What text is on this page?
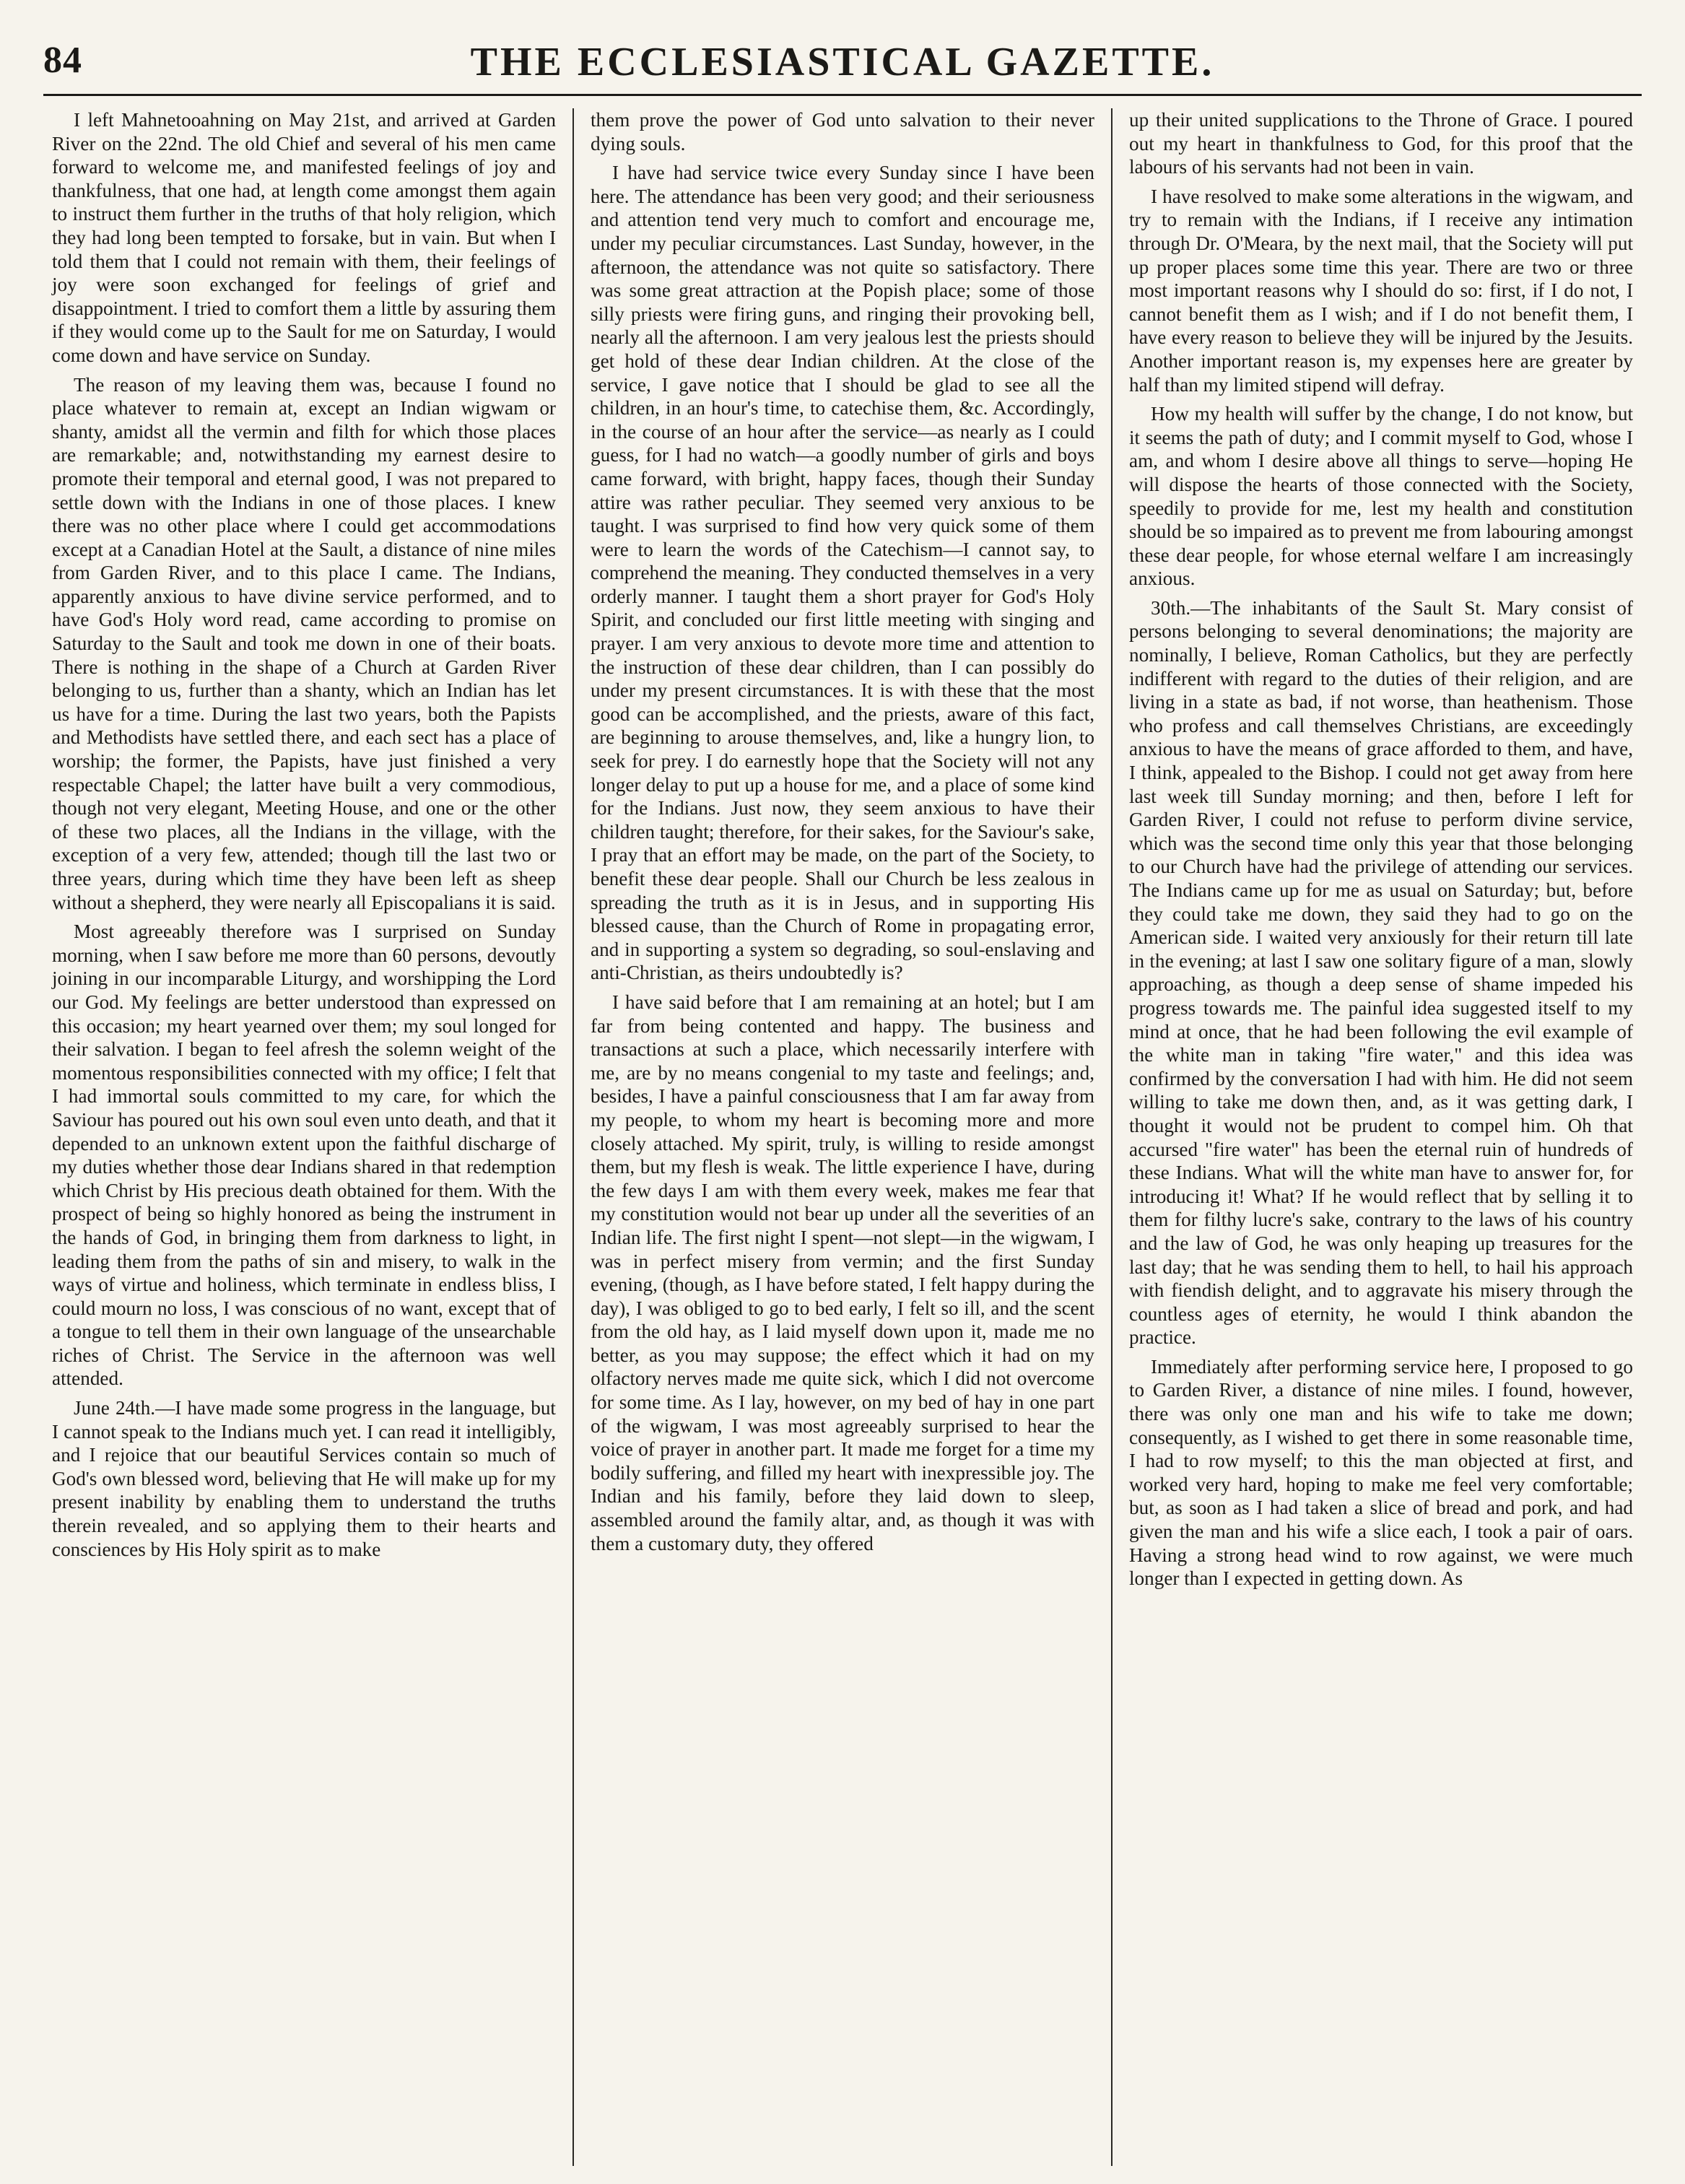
84	THE ECCLESIASTICAL GAZETTE.

I left Mahnetooahning on May 21st, and arrived at Garden River on the 22nd. The old Chief and several of his men came forward to welcome me, and manifested feelings of joy and thankfulness, that one had, at length come amongst them again to instruct them further in the truths of that holy religion, which they had long been tempted to forsake, but in vain. But when I told them that I could not remain with them, their feelings of joy were soon exchanged for feelings of grief and disappointment. I tried to comfort them a little by assuring them if they would come up to the Sault for me on Saturday, I would come down and have service on Sunday.

The reason of my leaving them was, because I found no place whatever to remain at, except an Indian wigwam or shanty, amidst all the vermin and filth for which those places are remarkable; and, notwithstanding my earnest desire to promote their temporal and eternal good, I was not prepared to settle down with the Indians in one of those places. I knew there was no other place where I could get accommodations except at a Canadian Hotel at the Sault, a distance of nine miles from Garden River, and to this place I came. The Indians, apparently anxious to have divine service performed, and to have God's Holy word read, came according to promise on Saturday to the Sault and took me down in one of their boats. There is nothing in the shape of a Church at Garden River belonging to us, further than a shanty, which an Indian has let us have for a time. During the last two years, both the Papists and Methodists have settled there, and each sect has a place of worship; the former, the Papists, have just finished a very respectable Chapel; the latter have built a very commodious, though not very elegant, Meeting House, and one or the other of these two places, all the Indians in the village, with the exception of a very few, attended; though till the last two or three years, during which time they have been left as sheep without a shepherd, they were nearly all Episcopalians it is said.

Most agreeably therefore was I surprised on Sunday morning, when I saw before me more than 60 persons, devoutly joining in our incomparable Liturgy, and worshipping the Lord our God. My feelings are better understood than expressed on this occasion; my heart yearned over them; my soul longed for their salvation. I began to feel afresh the solemn weight of the momentous responsibilities connected with my office; I felt that I had immortal souls committed to my care, for which the Saviour has poured out his own soul even unto death, and that it depended to an unknown extent upon the faithful discharge of my duties whether those dear Indians shared in that redemption which Christ by His precious death obtained for them. With the prospect of being so highly honored as being the instrument in the hands of God, in bringing them from darkness to light, in leading them from the paths of sin and misery, to walk in the ways of virtue and holiness, which terminate in endless bliss, I could mourn no loss, I was conscious of no want, except that of a tongue to tell them in their own language of the unsearchable riches of Christ. The Service in the afternoon was well attended.

June 24th.—I have made some progress in the language, but I cannot speak to the Indians much yet. I can read it intelligibly, and I rejoice that our beautiful Services contain so much of God's own blessed word, believing that He will make up for my present inability by enabling them to understand the truths therein revealed, and so applying them to their hearts and consciences by His Holy spirit as to make

them prove the power of God unto salvation to their never dying souls.

I have had service twice every Sunday since I have been here. The attendance has been very good; and their seriousness and attention tend very much to comfort and encourage me, under my peculiar circumstances. Last Sunday, however, in the afternoon, the attendance was not quite so satisfactory. There was some great attraction at the Popish place; some of those silly priests were firing guns, and ringing their provoking bell, nearly all the afternoon. I am very jealous lest the priests should get hold of these dear Indian children. At the close of the service, I gave notice that I should be glad to see all the children, in an hour's time, to catechise them, &c. Accordingly, in the course of an hour after the service—as nearly as I could guess, for I had no watch—a goodly number of girls and boys came forward, with bright, happy faces, though their Sunday attire was rather peculiar. They seemed very anxious to be taught. I was surprised to find how very quick some of them were to learn the words of the Catechism—I cannot say, to comprehend the meaning. They conducted themselves in a very orderly manner. I taught them a short prayer for God's Holy Spirit, and concluded our first little meeting with singing and prayer. I am very anxious to devote more time and attention to the instruction of these dear children, than I can possibly do under my present circumstances. It is with these that the most good can be accomplished, and the priests, aware of this fact, are beginning to arouse themselves, and, like a hungry lion, to seek for prey. I do earnestly hope that the Society will not any longer delay to put up a house for me, and a place of some kind for the Indians. Just now, they seem anxious to have their children taught; therefore, for their sakes, for the Saviour's sake, I pray that an effort may be made, on the part of the Society, to benefit these dear people. Shall our Church be less zealous in spreading the truth as it is in Jesus, and in supporting His blessed cause, than the Church of Rome in propagating error, and in supporting a system so degrading, so soul-enslaving and anti-Christian, as theirs undoubtedly is?

I have said before that I am remaining at an hotel; but I am far from being contented and happy. The business and transactions at such a place, which necessarily interfere with me, are by no means congenial to my taste and feelings; and, besides, I have a painful consciousness that I am far away from my people, to whom my heart is becoming more and more closely attached. My spirit, truly, is willing to reside amongst them, but my flesh is weak. The little experience I have, during the few days I am with them every week, makes me fear that my constitution would not bear up under all the severities of an Indian life. The first night I spent—not slept—in the wigwam, I was in perfect misery from vermin; and the first Sunday evening, (though, as I have before stated, I felt happy during the day), I was obliged to go to bed early, I felt so ill, and the scent from the old hay, as I laid myself down upon it, made me no better, as you may suppose; the effect which it had on my olfactory nerves made me quite sick, which I did not overcome for some time. As I lay, however, on my bed of hay in one part of the wigwam, I was most agreeably surprised to hear the voice of prayer in another part. It made me forget for a time my bodily suffering, and filled my heart with inexpressible joy. The Indian and his family, before they laid down to sleep, assembled around the family altar, and, as though it was with them a customary duty, they offered

up their united supplications to the Throne of Grace. I poured out my heart in thankfulness to God, for this proof that the labours of his servants had not been in vain.

I have resolved to make some alterations in the wigwam, and try to remain with the Indians, if I receive any intimation through Dr. O'Meara, by the next mail, that the Society will put up proper places some time this year. There are two or three most important reasons why I should do so: first, if I do not, I cannot benefit them as I wish; and if I do not benefit them, I have every reason to believe they will be injured by the Jesuits. Another important reason is, my expenses here are greater by half than my limited stipend will defray.

How my health will suffer by the change, I do not know, but it seems the path of duty; and I commit myself to God, whose I am, and whom I desire above all things to serve—hoping He will dispose the hearts of those connected with the Society, speedily to provide for me, lest my health and constitution should be so impaired as to prevent me from labouring amongst these dear people, for whose eternal welfare I am increasingly anxious.

30th.—The inhabitants of the Sault St. Mary consist of persons belonging to several denominations; the majority are nominally, I believe, Roman Catholics, but they are perfectly indifferent with regard to the duties of their religion, and are living in a state as bad, if not worse, than heathenism. Those who profess and call themselves Christians, are exceedingly anxious to have the means of grace afforded to them, and have, I think, appealed to the Bishop. I could not get away from here last week till Sunday morning; and then, before I left for Garden River, I could not refuse to perform divine service, which was the second time only this year that those belonging to our Church have had the privilege of attending our services. The Indians came up for me as usual on Saturday; but, before they could take me down, they said they had to go on the American side. I waited very anxiously for their return till late in the evening; at last I saw one solitary figure of a man, slowly approaching, as though a deep sense of shame impeded his progress towards me. The painful idea suggested itself to my mind at once, that he had been following the evil example of the white man in taking "fire water," and this idea was confirmed by the conversation I had with him. He did not seem willing to take me down then, and, as it was getting dark, I thought it would not be prudent to compel him. Oh that accursed "fire water" has been the eternal ruin of hundreds of these Indians. What will the white man have to answer for, for introducing it! What? If he would reflect that by selling it to them for filthy lucre's sake, contrary to the laws of his country and the law of God, he was only heaping up treasures for the last day; that he was sending them to hell, to hail his approach with fiendish delight, and to aggravate his misery through the countless ages of eternity, he would I think abandon the practice.

Immediately after performing service here, I proposed to go to Garden River, a distance of nine miles. I found, however, there was only one man and his wife to take me down; consequently, as I wished to get there in some reasonable time, I had to row myself; to this the man objected at first, and worked very hard, hoping to make me feel very comfortable; but, as soon as I had taken a slice of bread and pork, and had given the man and his wife a slice each, I took a pair of oars. Having a strong head wind to row against, we were much longer than I expected in getting down. As
